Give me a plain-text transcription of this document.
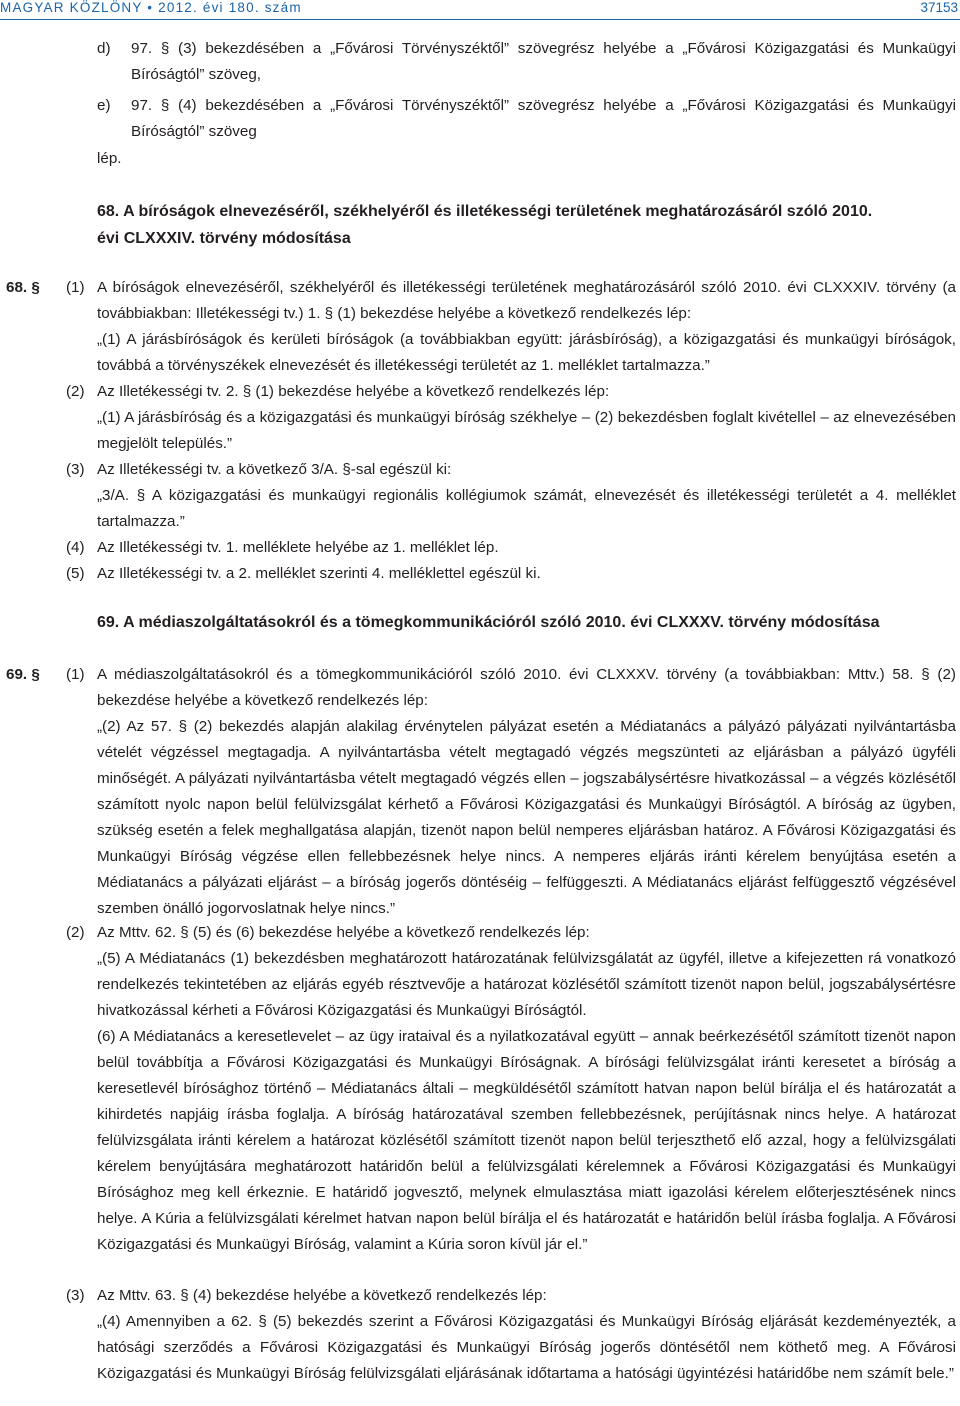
MAGYAR KÖZLÖNY • 2012. évi 180. szám	37153
d) 97. § (3) bekezdésében a „Fővárosi Törvényszéktől” szövegrész helyébe a „Fővárosi Közigazgatási és Munkaügyi Bíróságtól” szöveg,
e) 97. § (4) bekezdésében a „Fővárosi Törvényszéktől” szövegrész helyébe a „Fővárosi Közigazgatási és Munkaügyi Bíróságtól” szöveg
lép.
68. A bíróságok elnevezéséről, székhelyéről és illetékességi területének meghatározásáról szóló 2010. évi CLXXXIV. törvény módosítása
68. § (1) A bíróságok elnevezéséről, székhelyéről és illetékességi területének meghatározásáról szóló 2010. évi CLXXXIV. törvény (a továbbiakban: Illetékességi tv.) 1. § (1) bekezdése helyébe a következő rendelkezés lép:
„(1) A járásbíróságok és kerületi bíróságok (a továbbiakban együtt: járásbíróság), a közigazgatási és munkaügyi bíróságok, továbbá a törvényszékek elnevezését és illetékességi területét az 1. melléklet tartalmazza.”
(2) Az Illetékességi tv. 2. § (1) bekezdése helyébe a következő rendelkezés lép:
„(1) A járásbíróság és a közigazgatási és munkaügyi bíróság székhelye – (2) bekezdésben foglalt kivétellel – az elnevezésében megjelölt település.”
(3) Az Illetékességi tv. a következő 3/A. §-sal egészül ki:
„3/A. § A közigazgatási és munkaügyi regionális kollégiumok számát, elnevezését és illetékességi területét a 4. melléklet tartalmazza.”
(4) Az Illetékességi tv. 1. melléklete helyébe az 1. melléklet lép.
(5) Az Illetékességi tv. a 2. melléklet szerinti 4. melléklettel egészül ki.
69. A médiaszolgáltatásokról és a tömegkommunikációról szóló 2010. évi CLXXXV. törvény módosítása
69. § (1) A médiaszolgáltatásokról és a tömegkommunikációról szóló 2010. évi CLXXXV. törvény (a továbbiakban: Mttv.) 58. § (2) bekezdése helyébe a következő rendelkezés lép:
„(2) Az 57. § (2) bekezdés alapján alakilag érvénytelen pályázat esetén a Médiatanács a pályázó pályázati nyilvántartásba vételét végzéssel megtagadja. A nyilvántartásba vételt megtagadó végzés megszünteti az eljárásban a pályázó ügyféli minőségét. A pályázati nyilvántartásba vételt megtagadó végzés ellen – jogszabálysértésre hivatkozással – a végzés közlésétől számított nyolc napon belül felülvizsgálat kérhető a Fővárosi Közigazgatási és Munkaügyi Bíróságtól. A bíróság az ügyben, szükség esetén a felek meghallgatása alapján, tizenöt napon belül nemperes eljárásban határoz. A Fővárosi Közigazgatási és Munkaügyi Bíróság végzése ellen fellebbezésnek helye nincs. A nemperes eljárás iránti kérelem benyújtása esetén a Médiatanács a pályázati eljárást – a bíróság jogerős döntéséig – felfüggeszti. A Médiatanács eljárást felfüggesztő végzésével szemben önálló jogorvoslatnak helye nincs.”
(2) Az Mttv. 62. § (5) és (6) bekezdése helyébe a következő rendelkezés lép:
„(5) A Médiatanács (1) bekezdésben meghatározott határozatának felülvizsgálatát az ügyfél, illetve a kifejezetten rá vonatkozó rendelkezés tekintetében az eljárás egyéb résztvevője a határozat közlésétől számított tizenöt napon belül, jogszabálysértésre hivatkozással kérheti a Fővárosi Közigazgatási és Munkaügyi Bíróságtól.
(6) A Médiatanács a keresetlevelet – az ügy irataival és a nyilatkozatával együtt – annak beérkezésétől számított tizenöt napon belül továbbítja a Fővárosi Közigazgatási és Munkaügyi Bíróságnak. A bírósági felülvizsgálat iránti keresetet a bíróság a keresetlevél bírósághoz történő – Médiatanács általi – megküldésétől számított hatvan napon belül bírálja el és határozatát a kihirdetés napjáig írásba foglalja. A bíróság határozatával szemben fellebbezésnek, perújításnak nincs helye. A határozat felülvizsgálata iránti kérelem a határozat közlésétől számított tizenöt napon belül terjeszthető elő azzal, hogy a felülvizsgálati kérelem benyújtására meghatározott határidőn belül a felülvizsgálati kérelemnek a Fővárosi Közigazgatási és Munkaügyi Bírósághoz meg kell érkeznie. E határidő jogvesztő, melynek elmulasztása miatt igazolási kérelem előterjesztésének nincs helye. A Kúria a felülvizsgálati kérelmet hatvan napon belül bírálja el és határozatát e határidőn belül írásba foglalja. A Fővárosi Közigazgatási és Munkaügyi Bíróság, valamint a Kúria soron kívül jár el.”
(3) Az Mttv. 63. § (4) bekezdése helyébe a következő rendelkezés lép:
„(4) Amennyiben a 62. § (5) bekezdés szerint a Fővárosi Közigazgatási és Munkaügyi Bíróság eljárását kezdeményezték, a hatósági szerződés a Fővárosi Közigazgatási és Munkaügyi Bíróság jogerős döntésétől nem köthető meg. A Fővárosi Közigazgatási és Munkaügyi Bíróság felülvizsgálati eljárásának időtartama a hatósági ügyintézési határidőbe nem számít bele.”
